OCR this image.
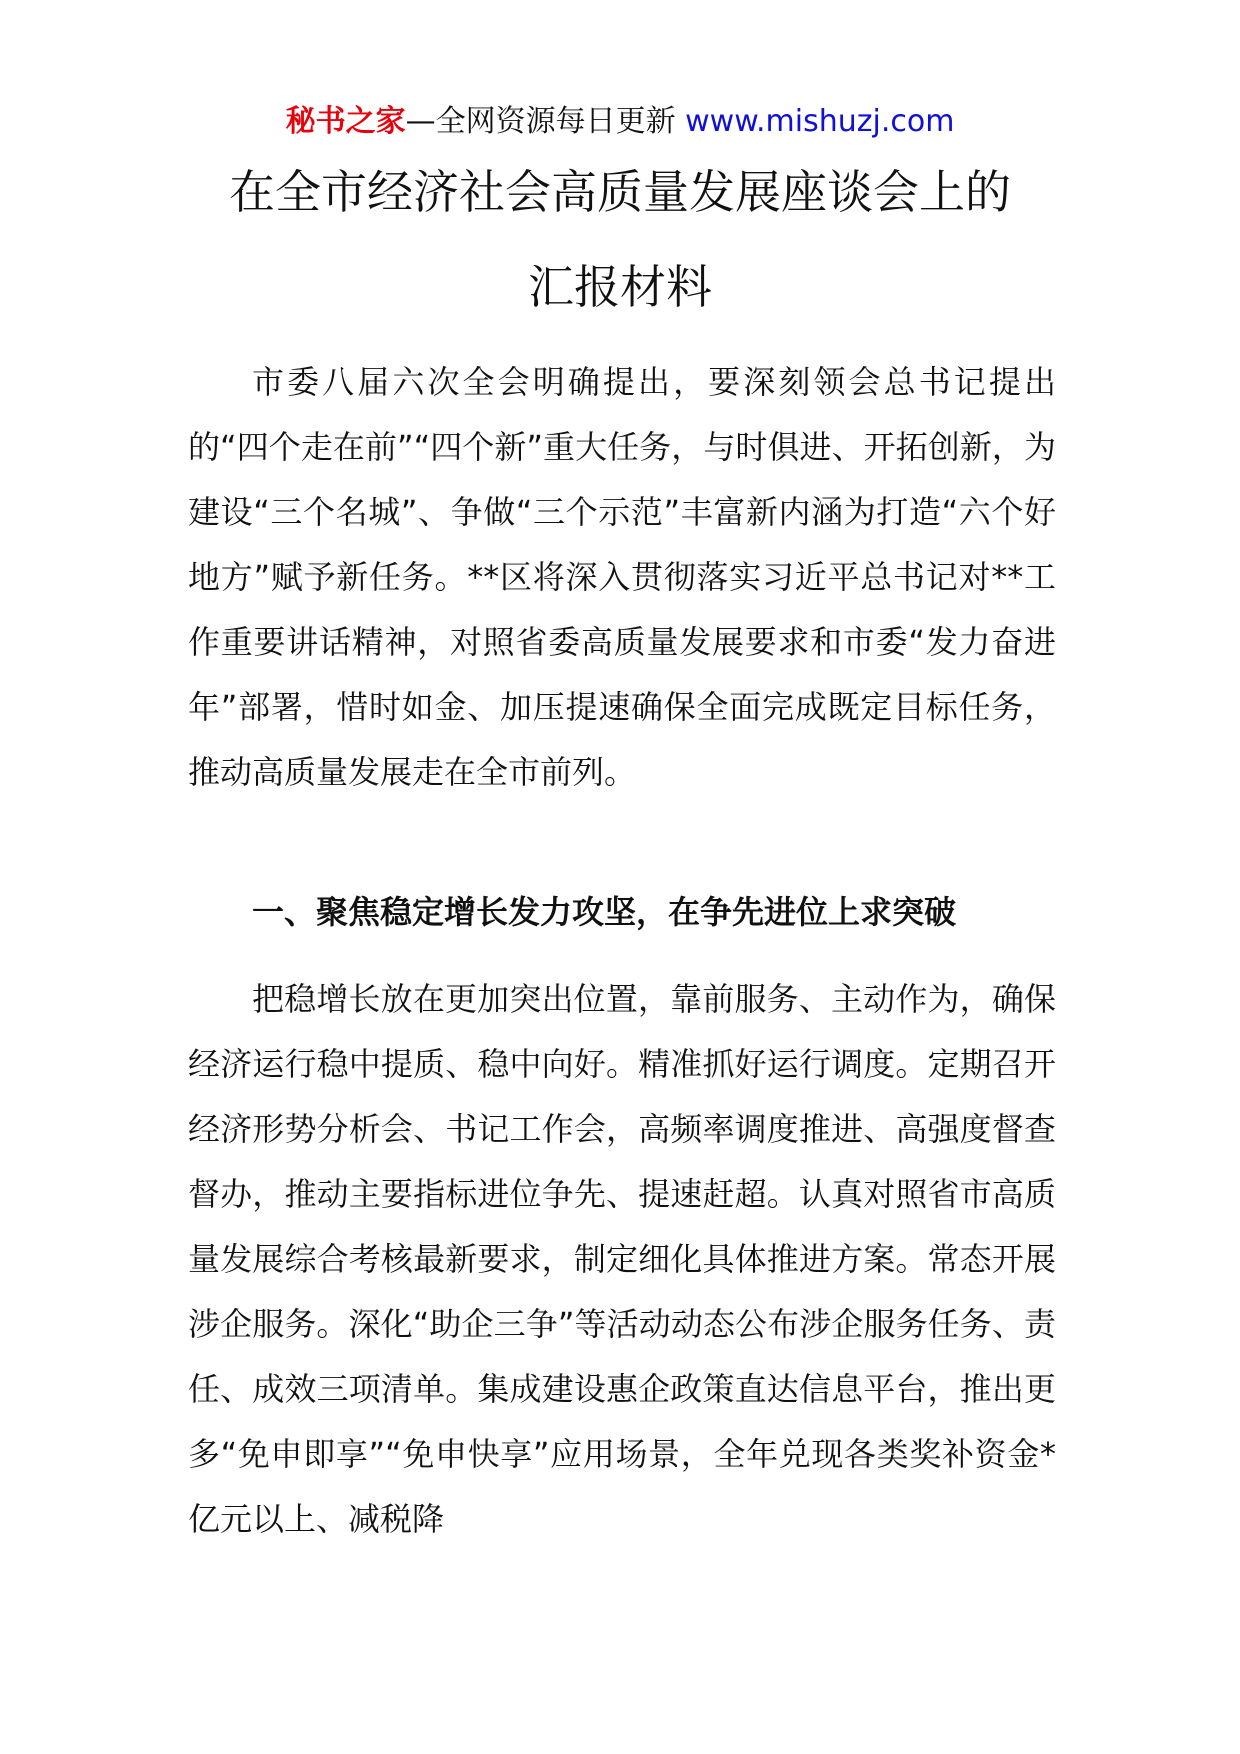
秘书之家—全网资源每日更新 www.mishuzj.com
在全市经济社会高质量发展座谈会上的
汇报材料

市委八届六次全会明确提出，要深刻领会总书记提出的“四个走在前”“四个新”重大任务，与时俱进、开拓创新，为建设“三个名城”、争做“三个示范”丰富新内涵为打造“六个好地方”赋予新任务。**区将深入贯彻落实习近平总书记对**工作重要讲话精神，对照省委高质量发展要求和市委“发力奋进年”部署，惜时如金、加压提速确保全面完成既定目标任务，推动高质量发展走在全市前列。

一、聚焦稳定增长发力攻坚，在争先进位上求突破

把稳增长放在更加突出位置，靠前服务、主动作为，确保经济运行稳中提质、稳中向好。精准抓好运行调度。定期召开经济形势分析会、书记工作会，高频率调度推进、高强度督查督办，推动主要指标进位争先、提速赶超。认真对照省市高质量发展综合考核最新要求，制定细化具体推进方案。常态开展涉企服务。深化“助企三争”等活动动态公布涉企服务任务、责任、成效三项清单。集成建设惠企政策直达信息平台，推出更多“免申即享”“免申快享”应用场景，全年兑现各类奖补资金*亿元以上、减税降
